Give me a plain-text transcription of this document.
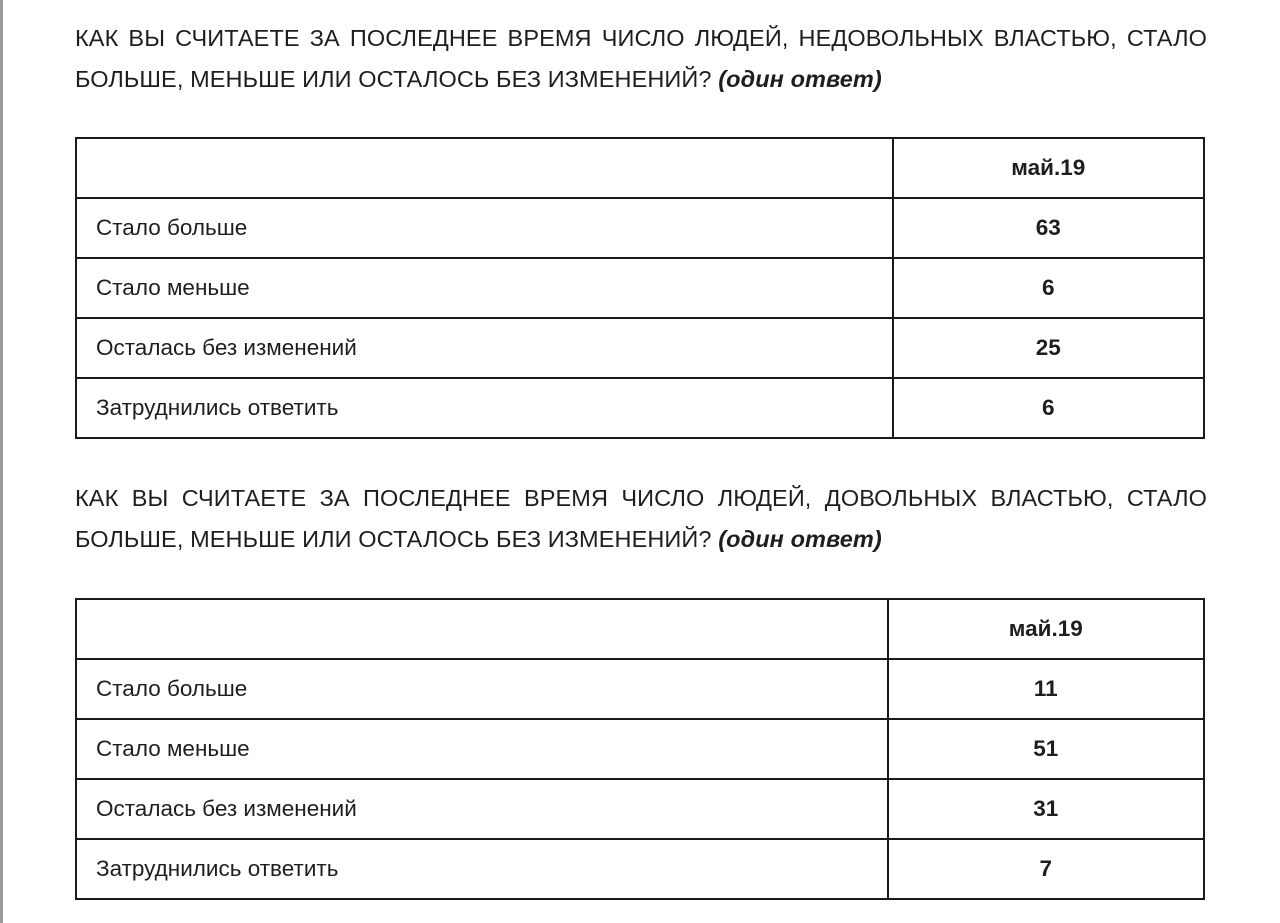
КАК ВЫ СЧИТАЕТЕ ЗА ПОСЛЕДНЕЕ ВРЕМЯ ЧИСЛО ЛЮДЕЙ, НЕДОВОЛЬНЫХ ВЛАСТЬЮ, СТАЛО БОЛЬШЕ, МЕНЬШЕ ИЛИ ОСТАЛОСЬ БЕЗ ИЗМЕНЕНИЙ? (один ответ)

	май.19
Стало больше	63
Стало меньше	6
Осталась без изменений	25
Затруднились ответить	6

КАК ВЫ СЧИТАЕТЕ ЗА ПОСЛЕДНЕЕ ВРЕМЯ ЧИСЛО ЛЮДЕЙ, ДОВОЛЬНЫХ ВЛАСТЬЮ, СТАЛО БОЛЬШЕ, МЕНЬШЕ ИЛИ ОСТАЛОСЬ БЕЗ ИЗМЕНЕНИЙ? (один ответ)

	май.19
Стало больше	11
Стало меньше	51
Осталась без изменений	31
Затруднились ответить	7
